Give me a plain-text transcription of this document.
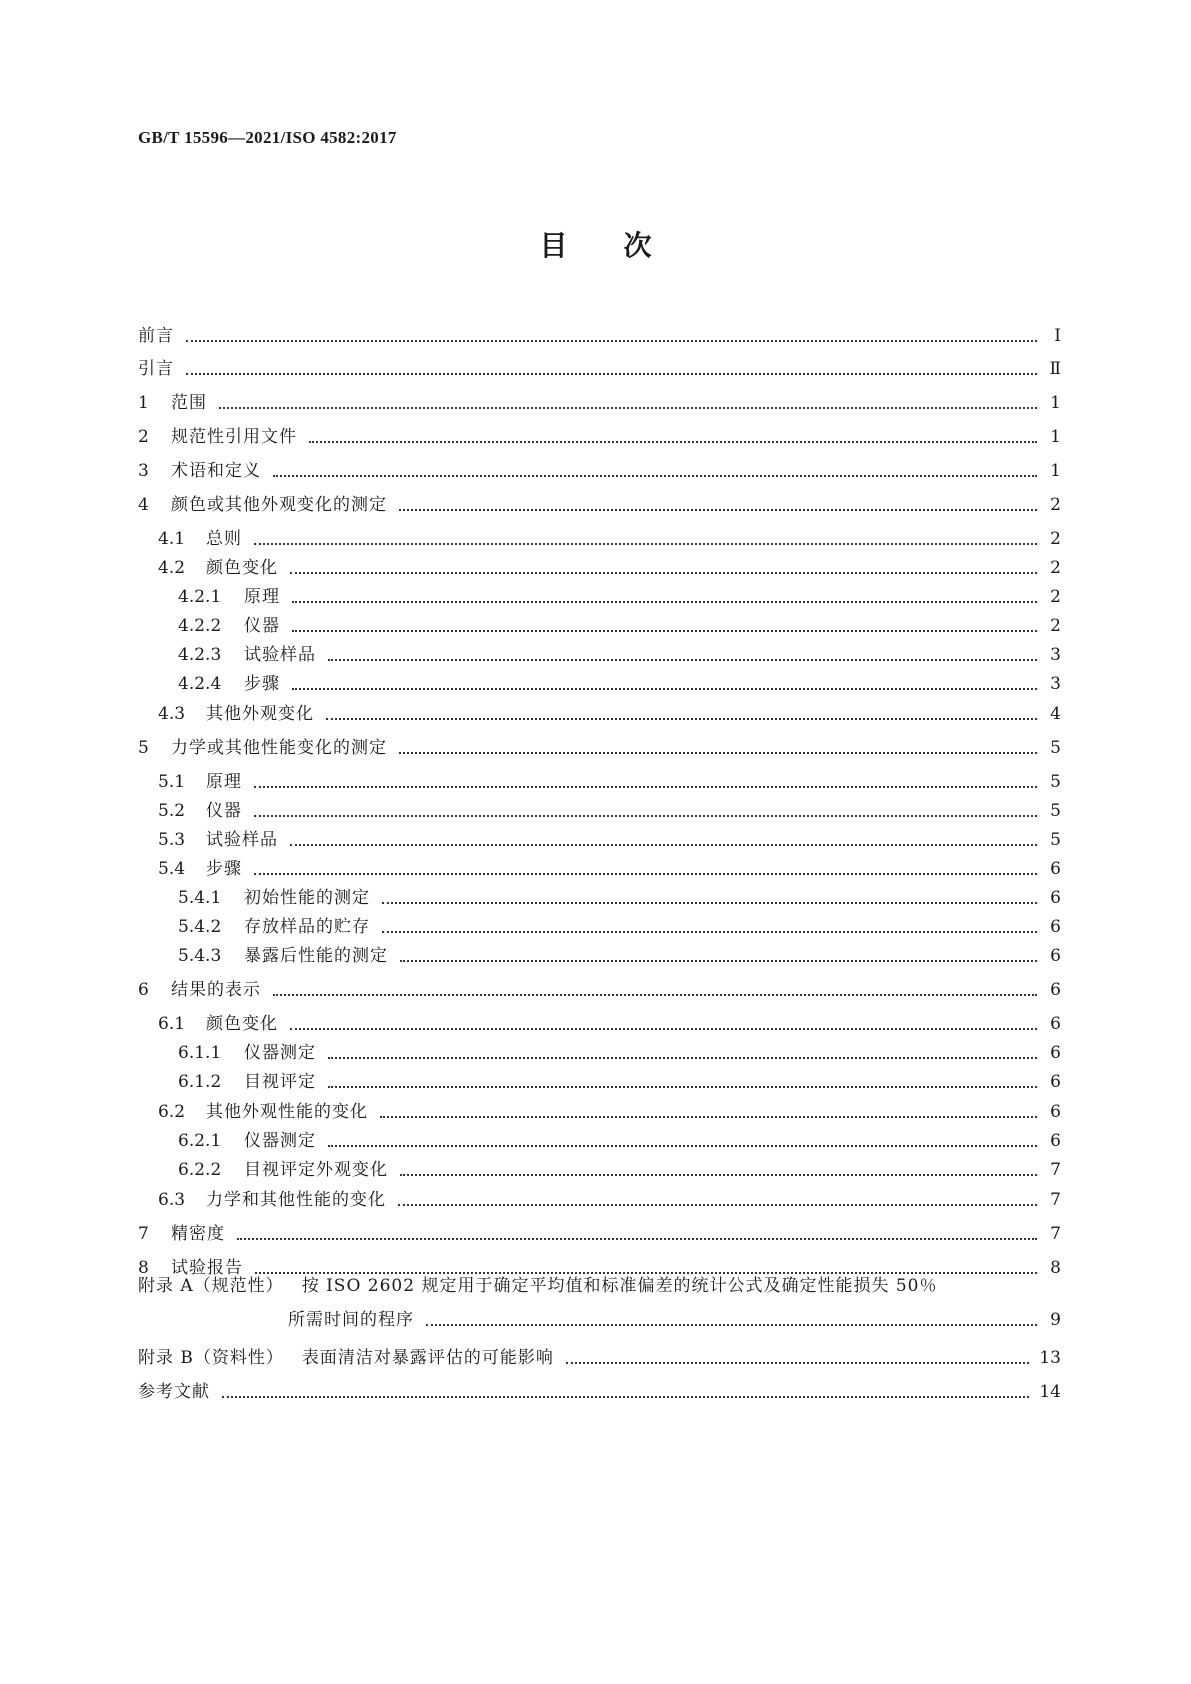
GB/T 15596—2021/ISO 4582:2017
目次
前言	Ⅰ
引言	Ⅱ
1	范围	1
2	规范性引用文件	1
3	术语和定义	1
4	颜色或其他外观变化的测定	2
4.1	总则	2
4.2	颜色变化	2
4.2.1	原理	2
4.2.2	仪器	2
4.2.3	试验样品	3
4.2.4	步骤	3
4.3	其他外观变化	4
5	力学或其他性能变化的测定	5
5.1	原理	5
5.2	仪器	5
5.3	试验样品	5
5.4	步骤	6
5.4.1	初始性能的测定	6
5.4.2	存放样品的贮存	6
5.4.3	暴露后性能的测定	6
6	结果的表示	6
6.1	颜色变化	6
6.1.1	仪器测定	6
6.1.2	目视评定	6
6.2	其他外观性能的变化	6
6.2.1	仪器测定	6
6.2.2	目视评定外观变化	7
6.3	力学和其他性能的变化	7
7	精密度	7
8	试验报告	8
附录 A（规范性） 按 ISO 2602 规定用于确定平均值和标准偏差的统计公式及确定性能损失 50％
所需时间的程序	9
附录 B（资料性） 表面清洁对暴露评估的可能影响	13
参考文献	14
